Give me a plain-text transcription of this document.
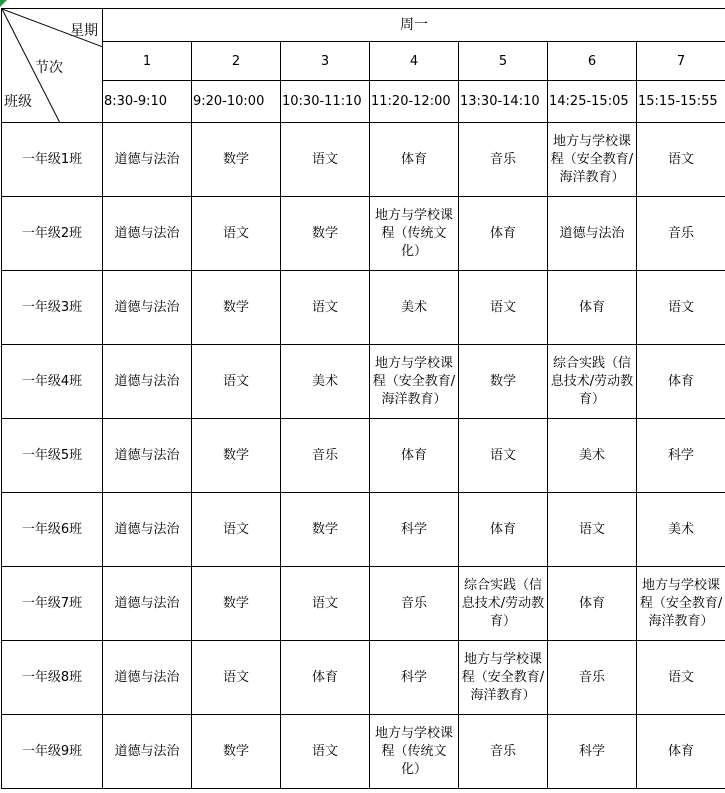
星期
节次
班级	周一						
	1	2	3	4	5	6	7
	8:30-9:10	9:20-10:00	10:30-11:10	11:20-12:00	13:30-14:10	14:25-15:05	15:15-15:55
一年级1班	道德与法治	数学	语文	体育	音乐	地方与学校课程（安全教育/海洋教育）	语文
一年级2班	道德与法治	语文	数学	地方与学校课程（传统文化）	体育	道德与法治	音乐
一年级3班	道德与法治	数学	语文	美术	语文	体育	语文
一年级4班	道德与法治	语文	美术	地方与学校课程（安全教育/海洋教育）	数学	综合实践（信息技术/劳动教育）	体育
一年级5班	道德与法治	数学	音乐	体育	语文	美术	科学
一年级6班	道德与法治	语文	数学	科学	体育	语文	美术
一年级7班	道德与法治	数学	语文	音乐	综合实践（信息技术/劳动教育）	体育	地方与学校课程（安全教育/海洋教育）
一年级8班	道德与法治	语文	体育	科学	地方与学校课程（安全教育/海洋教育）	音乐	语文
一年级9班	道德与法治	数学	语文	地方与学校课程（传统文化）	音乐	科学	体育
